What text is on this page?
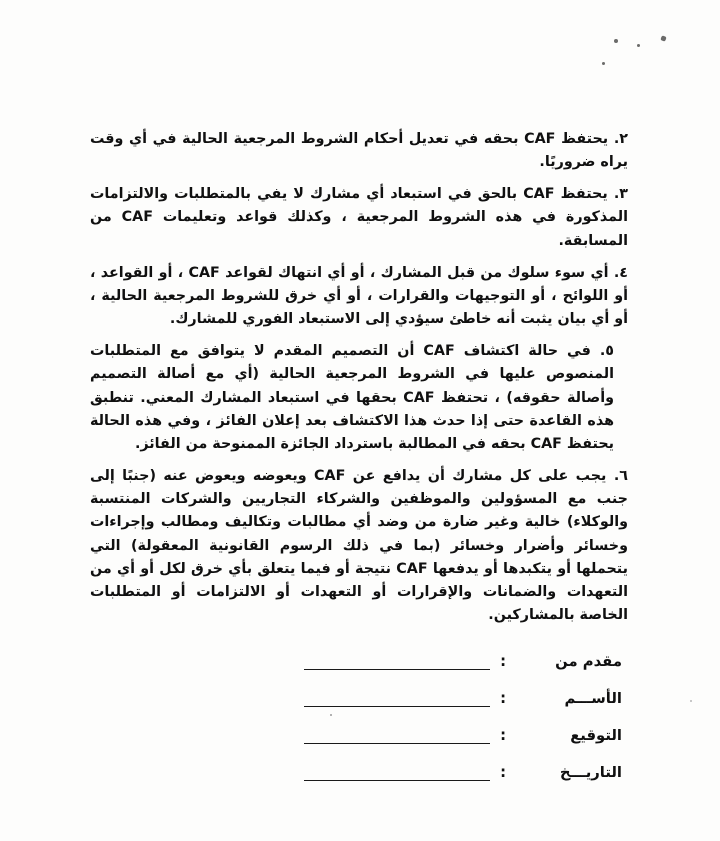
٢. يحتفظ CAF بحقه في تعديل أحكام الشروط المرجعية الحالية في أي وقت يراه ضروريًا.
٣. يحتفظ CAF بالحق في استبعاد أي مشارك لا يفي بالمتطلبات والالتزامات المذكورة في هذه الشروط المرجعية ، وكذلك قواعد وتعليمات CAF من المسابقة.
٤. أي سوء سلوك من قبل المشارك ، أو أي انتهاك لقواعد CAF ، أو القواعد ، أو اللوائح ، أو التوجيهات والقرارات ، أو أي خرق للشروط المرجعية الحالية ، أو أي بيان يثبت أنه خاطئ سيؤدي إلى الاستبعاد الفوري للمشارك.
٥. في حالة اكتشاف CAF أن التصميم المقدم لا يتوافق مع المتطلبات المنصوص عليها في الشروط المرجعية الحالية (أي مع أصالة التصميم وأصالة حقوقه) ، تحتفظ CAF بحقها في استبعاد المشارك المعني. تنطبق هذه القاعدة حتى إذا حدث هذا الاكتشاف بعد إعلان الفائز ، وفي هذه الحالة يحتفظ CAF بحقه في المطالبة باسترداد الجائزة الممنوحة من الفائز.
٦. يجب على كل مشارك أن يدافع عن CAF ويعوضه ويعوض عنه (جنبًا إلى جنب مع المسؤولين والموظفين والشركاء التجاريين والشركات المنتسبة والوكلاء) خالية وغير ضارة من وضد أي مطالبات وتكاليف ومطالب وإجراءات وخسائر وأضرار وخسائر (بما في ذلك الرسوم القانونية المعقولة) التي يتحملها أو يتكبدها أو يدفعها CAF نتيجة أو فيما يتعلق بأي خرق لكل أو أي من التعهدات والضمانات والإقرارات أو التعهدات أو الالتزامات أو المتطلبات الخاصة بالمشاركين.
مقدم من
:
الأســـم
:
التوقيع
:
التاريـــخ
:
